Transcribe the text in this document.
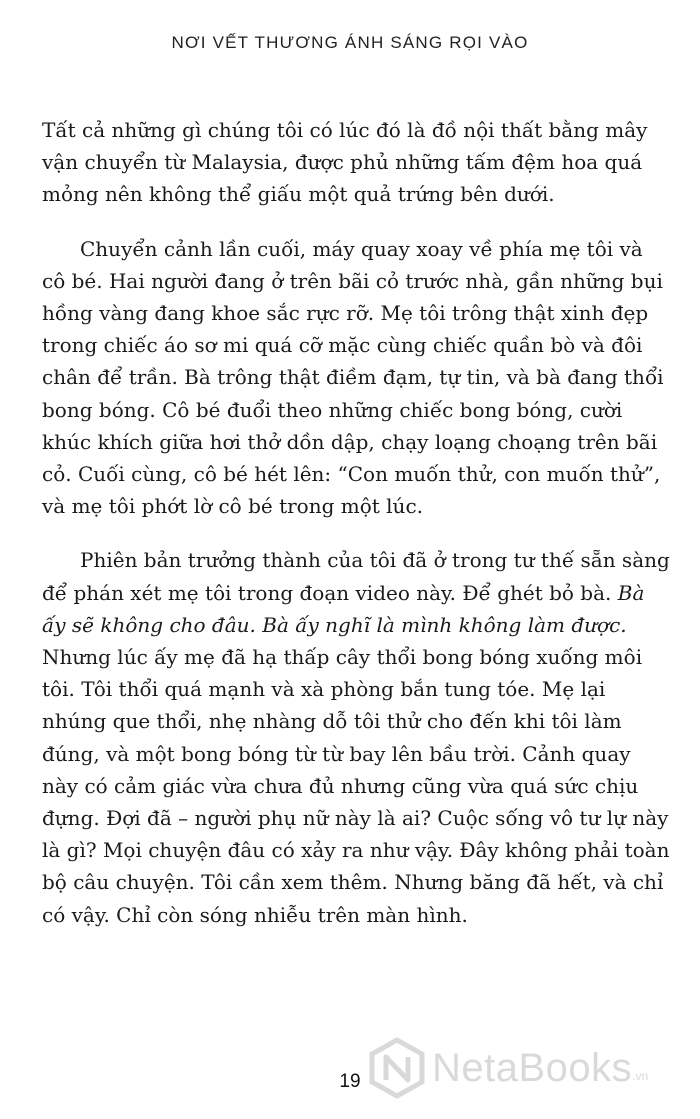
NƠI VẾT THƯƠNG ÁNH SÁNG RỌI VÀO

Tất cả những gì chúng tôi có lúc đó là đồ nội thất bằng mây vận chuyển từ Malaysia, được phủ những tấm đệm hoa quá mỏng nên không thể giấu một quả trứng bên dưới.

Chuyển cảnh lần cuối, máy quay xoay về phía mẹ tôi và cô bé. Hai người đang ở trên bãi cỏ trước nhà, gần những bụi hồng vàng đang khoe sắc rực rỡ. Mẹ tôi trông thật xinh đẹp trong chiếc áo sơ mi quá cỡ mặc cùng chiếc quần bò và đôi chân để trần. Bà trông thật điềm đạm, tự tin, và bà đang thổi bong bóng. Cô bé đuổi theo những chiếc bong bóng, cười khúc khích giữa hơi thở dồn dập, chạy loạng choạng trên bãi cỏ. Cuối cùng, cô bé hét lên: “Con muốn thử, con muốn thử”, và mẹ tôi phớt lờ cô bé trong một lúc.

Phiên bản trưởng thành của tôi đã ở trong tư thế sẵn sàng để phán xét mẹ tôi trong đoạn video này. Để ghét bỏ bà. Bà ấy sẽ không cho đâu. Bà ấy nghĩ là mình không làm được. Nhưng lúc ấy mẹ đã hạ thấp cây thổi bong bóng xuống môi tôi. Tôi thổi quá mạnh và xà phòng bắn tung tóe. Mẹ lại nhúng que thổi, nhẹ nhàng dỗ tôi thử cho đến khi tôi làm đúng, và một bong bóng từ từ bay lên bầu trời. Cảnh quay này có cảm giác vừa chưa đủ nhưng cũng vừa quá sức chịu đựng. Đợi đã – người phụ nữ này là ai? Cuộc sống vô tư lự này là gì? Mọi chuyện đâu có xảy ra như vậy. Đây không phải toàn bộ câu chuyện. Tôi cần xem thêm. Nhưng băng đã hết, và chỉ có vậy. Chỉ còn sóng nhiễu trên màn hình.

19	NetaBooks .vn
